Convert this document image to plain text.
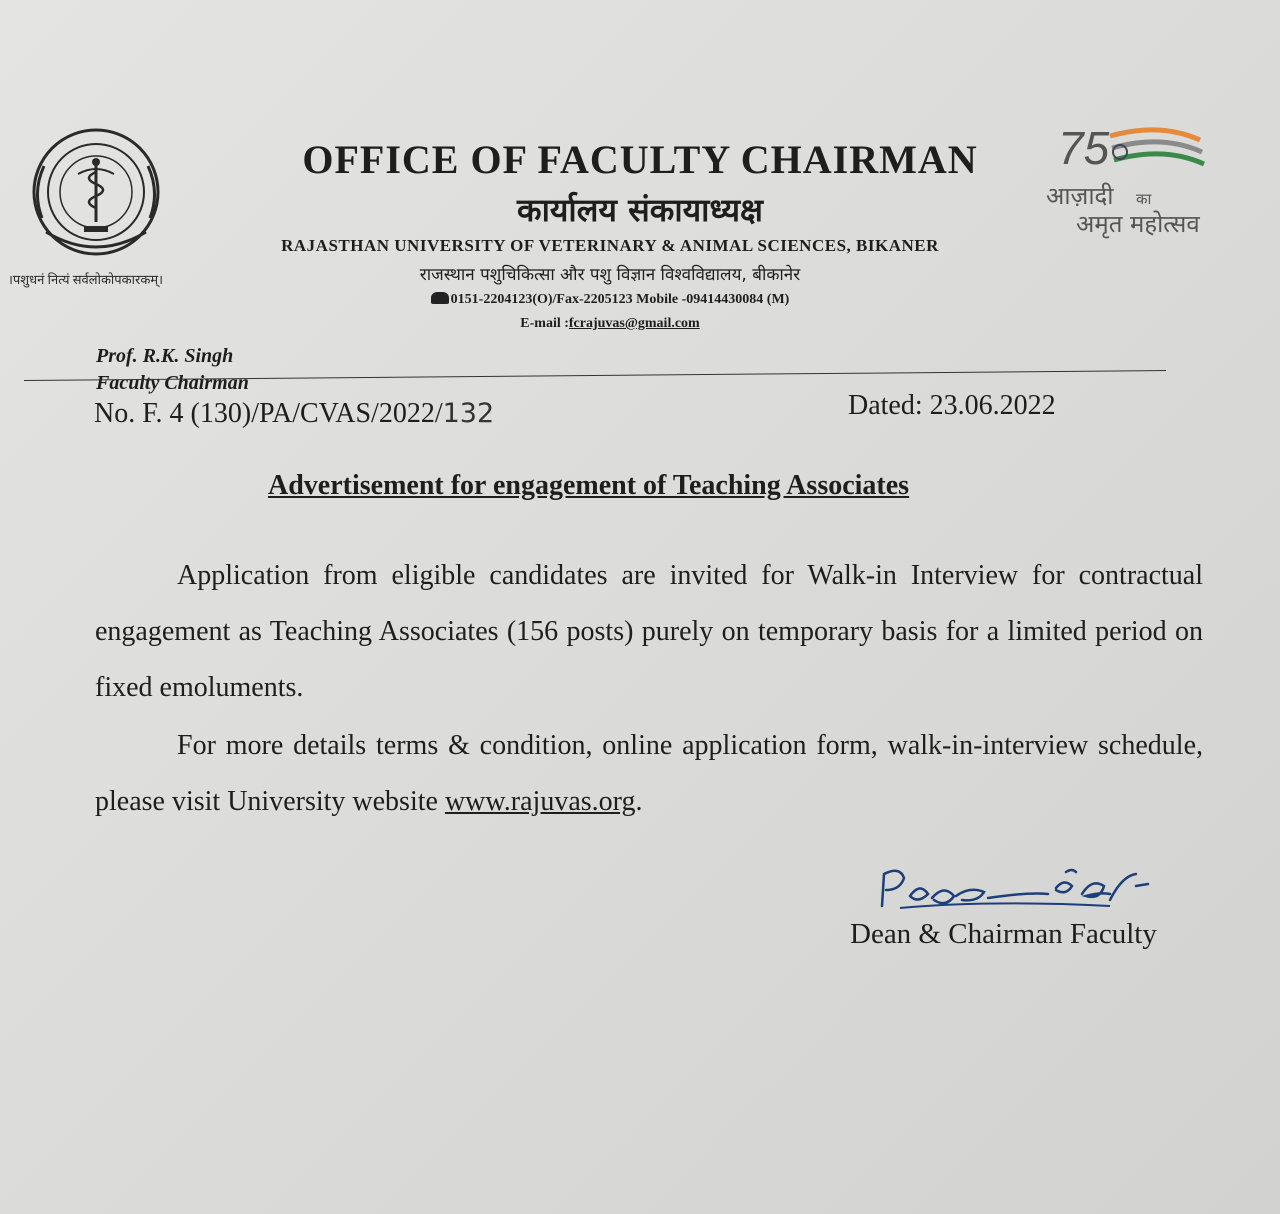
।पशुधनं नित्यं सर्वलोकोपकारकम्।
OFFICE OF FACULTY CHAIRMAN
कार्यालय संकायाध्यक्ष
RAJASTHAN UNIVERSITY OF VETERINARY & ANIMAL SCIENCES, BIKANER
राजस्थान पशुचिकित्सा और पशु विज्ञान विश्वविद्यालय, बीकानेर
0151-2204123(O)/Fax-2205123 Mobile -09414430084 (M)
E-mail :fcrajuvas@gmail.com
75
आज़ादी का
अमृत महोत्सव
Prof. R.K. Singh
Faculty Chairman
No. F. 4 (130)/PA/CVAS/2022/132	Dated: 23.06.2022
Advertisement for engagement of Teaching Associates
Application from eligible candidates are invited for Walk-in Interview for contractual engagement as Teaching Associates (156 posts) purely on temporary basis for a limited period on fixed emoluments.
For more details terms & condition, online application form, walk-in-interview schedule, please visit University website www.rajuvas.org.
Dean & Chairman Faculty
